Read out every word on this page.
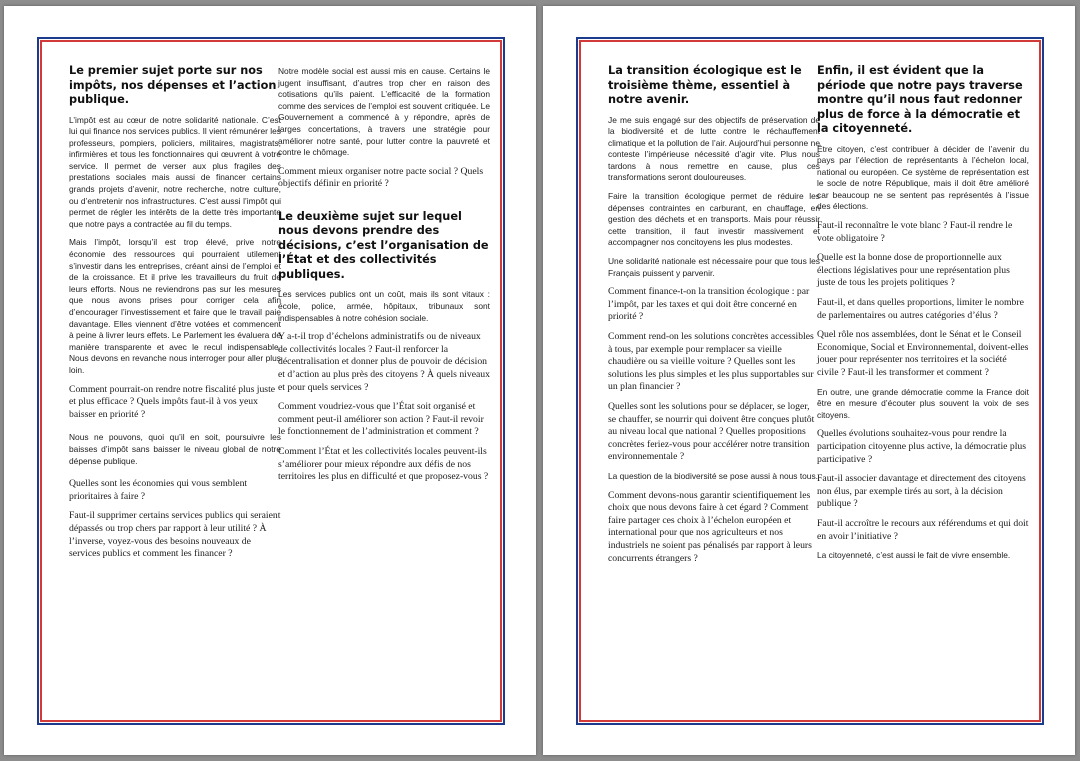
Le premier sujet porte sur nos impôts, nos dépenses et l’action publique.

L’impôt est au cœur de notre solidarité nationale. C’est lui qui finance nos services publics. Il vient rémunérer les professeurs, pompiers, policiers, militaires, magistrats, infirmières et tous les fonctionnaires qui œuvrent à votre service. Il permet de verser aux plus fragiles des prestations sociales mais aussi de financer certains grands projets d’avenir, notre recherche, notre culture, ou d’entretenir nos infrastructures. C’est aussi l’impôt qui permet de régler les intérêts de la dette très importante que notre pays a contractée au fil du temps.

Mais l’impôt, lorsqu’il est trop élevé, prive notre économie des ressources qui pourraient utilement s’investir dans les entreprises, créant ainsi de l’emploi et de la croissance. Et il prive les travailleurs du fruit de leurs efforts. Nous ne reviendrons pas sur les mesures que nous avons prises pour corriger cela afin d’encourager l’investissement et faire que le travail paie davantage. Elles viennent d’être votées et commencent à peine à livrer leurs effets. Le Parlement les évaluera de manière transparente et avec le recul indispensable. Nous devons en revanche nous interroger pour aller plus loin.

Comment pourrait-on rendre notre fiscalité plus juste et plus efficace ? Quels impôts faut-il à vos yeux baisser en priorité ?

Nous ne pouvons, quoi qu’il en soit, poursuivre les baisses d’impôt sans baisser le niveau global de notre dépense publique.

Quelles sont les économies qui vous semblent prioritaires à faire ?

Faut-il supprimer certains services publics qui seraient dépassés ou trop chers par rapport à leur utilité ? À l’inverse, voyez-vous des besoins nouveaux de services publics et comment les financer ?

Notre modèle social est aussi mis en cause. Certains le jugent insuffisant, d’autres trop cher en raison des cotisations qu’ils paient. L’efficacité de la formation comme des services de l’emploi est souvent critiquée. Le Gouvernement a commencé à y répondre, après de larges concertations, à travers une stratégie pour améliorer notre santé, pour lutter contre la pauvreté et contre le chômage.

Comment mieux organiser notre pacte social ? Quels objectifs définir en priorité ?

Le deuxième sujet sur lequel nous devons prendre des décisions, c’est l’organisation de l’État et des collectivités publiques.

Les services publics ont un coût, mais ils sont vitaux : école, police, armée, hôpitaux, tribunaux sont indispensables à notre cohésion sociale.

Y a-t-il trop d’échelons administratifs ou de niveaux de collectivités locales ? Faut-il renforcer la décentralisation et donner plus de pouvoir de décision et d’action au plus près des citoyens ? À quels niveaux et pour quels services ?

Comment voudriez-vous que l’État soit organisé et comment peut-il améliorer son action ? Faut-il revoir le fonctionnement de l’administration et comment ?

Comment l’État et les collectivités locales peuvent-ils s’améliorer pour mieux répondre aux défis de nos territoires les plus en difficulté et que proposez-vous ?

La transition écologique est le troisième thème, essentiel à notre avenir.

Je me suis engagé sur des objectifs de préservation de la biodiversité et de lutte contre le réchauffement climatique et la pollution de l’air. Aujourd’hui personne ne conteste l’impérieuse nécessité d’agir vite. Plus nous tardons à nous remettre en cause, plus ces transformations seront douloureuses.

Faire la transition écologique permet de réduire les dépenses contraintes en carburant, en chauffage, en gestion des déchets et en transports. Mais pour réussir cette transition, il faut investir massivement et accompagner nos concitoyens les plus modestes.

Une solidarité nationale est nécessaire pour que tous les Français puissent y parvenir.

Comment finance-t-on la transition écologique : par l’impôt, par les taxes et qui doit être concerné en priorité ?

Comment rend-on les solutions concrètes accessibles à tous, par exemple pour remplacer sa vieille chaudière ou sa vieille voiture ? Quelles sont les solutions les plus simples et les plus supportables sur un plan financier ?

Quelles sont les solutions pour se déplacer, se loger, se chauffer, se nourrir qui doivent être conçues plutôt au niveau local que national ? Quelles propositions concrètes feriez-vous pour accélérer notre transition environnementale ?

La question de la biodiversité se pose aussi à nous tous.

Comment devons-nous garantir scientifiquement les choix que nous devons faire à cet égard ? Comment faire partager ces choix à l’échelon européen et international pour que nos agriculteurs et nos industriels ne soient pas pénalisés par rapport à leurs concurrents étrangers ?

Enfin, il est évident que la période que notre pays traverse montre qu’il nous faut redonner plus de force à la démocratie et la citoyenneté.

Être citoyen, c’est contribuer à décider de l’avenir du pays par l’élection de représentants à l’échelon local, national ou européen. Ce système de représentation est le socle de notre République, mais il doit être amélioré car beaucoup ne se sentent pas représentés à l’issue des élections.

Faut-il reconnaître le vote blanc ? Faut-il rendre le vote obligatoire ?

Quelle est la bonne dose de proportionnelle aux élections législatives pour une représentation plus juste de tous les projets politiques ?

Faut-il, et dans quelles proportions, limiter le nombre de parlementaires ou autres catégories d’élus ?

Quel rôle nos assemblées, dont le Sénat et le Conseil Economique, Social et Environnemental, doivent-elles jouer pour représenter nos territoires et la société civile ? Faut-il les transformer et comment ?

En outre, une grande démocratie comme la France doit être en mesure d’écouter plus souvent la voix de ses citoyens.

Quelles évolutions souhaitez-vous pour rendre la participation citoyenne plus active, la démocratie plus participative ?

Faut-il associer davantage et directement des citoyens non élus, par exemple tirés au sort, à la décision publique ?

Faut-il accroître le recours aux référendums et qui doit en avoir l’initiative ?

La citoyenneté, c’est aussi le fait de vivre ensemble.
